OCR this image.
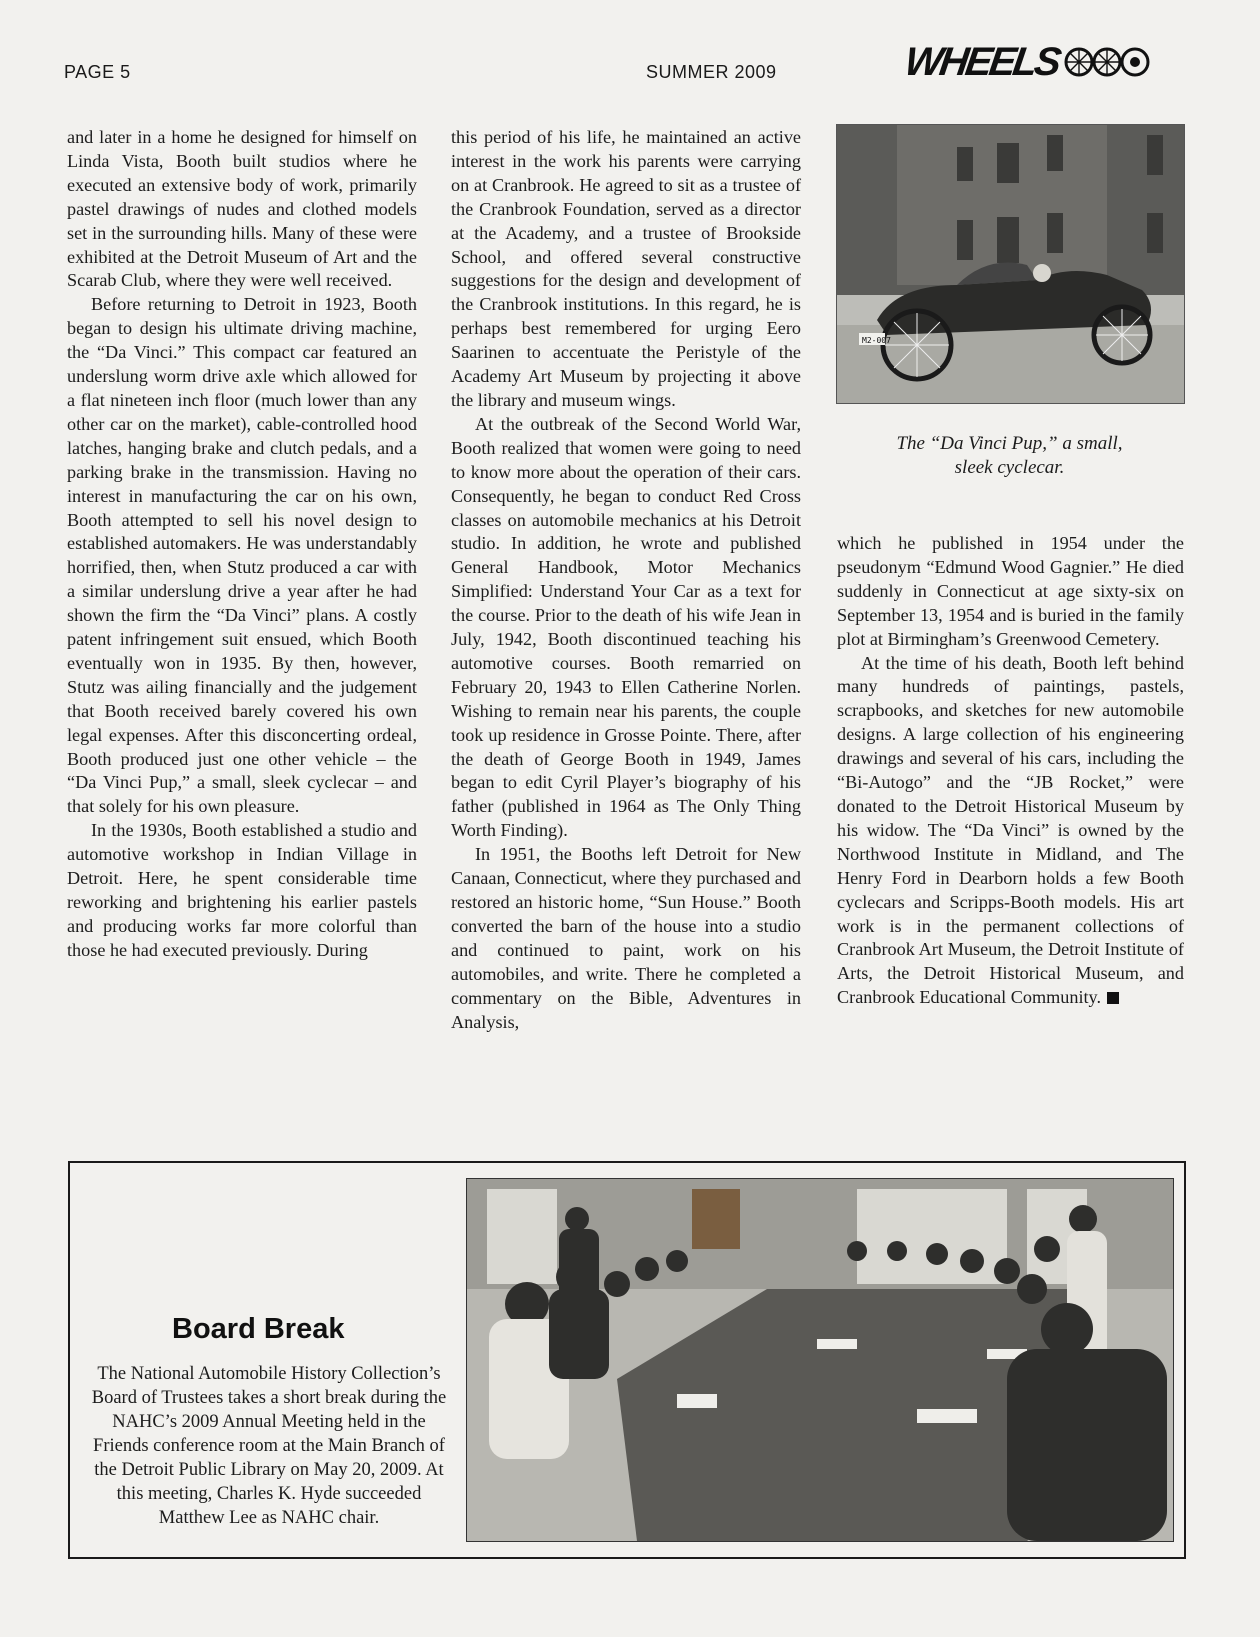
PAGE 5	SUMMER 2009	WHEELS

and later in a home he designed for himself on Linda Vista, Booth built studios where he executed an extensive body of work, primarily pastel drawings of nudes and clothed models set in the surrounding hills. Many of these were exhibited at the Detroit Museum of Art and the Scarab Club, where they were well received.

Before returning to Detroit in 1923, Booth began to design his ultimate driving machine, the “Da Vinci.” This compact car featured an underslung worm drive axle which allowed for a flat nineteen inch floor (much lower than any other car on the market), cable-controlled hood latches, hanging brake and clutch pedals, and a parking brake in the transmission. Having no interest in manufacturing the car on his own, Booth attempted to sell his novel design to established automakers. He was understandably horrified, then, when Stutz produced a car with a similar underslung drive a year after he had shown the firm the “Da Vinci” plans. A costly patent infringement suit ensued, which Booth eventually won in 1935. By then, however, Stutz was ailing financially and the judgement that Booth received barely covered his own legal expenses. After this disconcerting ordeal, Booth produced just one other vehicle – the “Da Vinci Pup,” a small, sleek cyclecar – and that solely for his own pleasure.

In the 1930s, Booth established a studio and automotive workshop in Indian Village in Detroit. Here, he spent considerable time reworking and brightening his earlier pastels and producing works far more colorful than those he had executed previously. During

this period of his life, he maintained an active interest in the work his parents were carrying on at Cranbrook. He agreed to sit as a trustee of the Cranbrook Foundation, served as a director at the Academy, and a trustee of Brookside School, and offered several constructive suggestions for the design and development of the Cranbrook institutions. In this regard, he is perhaps best remembered for urging Eero Saarinen to accentuate the Peristyle of the Academy Art Museum by projecting it above the library and museum wings.

At the outbreak of the Second World War, Booth realized that women were going to need to know more about the operation of their cars. Consequently, he began to conduct Red Cross classes on automobile mechanics at his Detroit studio. In addition, he wrote and published General Handbook, Motor Mechanics Simplified: Understand Your Car as a text for the course. Prior to the death of his wife Jean in July, 1942, Booth discontinued teaching his automotive courses. Booth remarried on February 20, 1943 to Ellen Catherine Norlen. Wishing to remain near his parents, the couple took up residence in Grosse Pointe. There, after the death of George Booth in 1949, James began to edit Cyril Player’s biography of his father (published in 1964 as The Only Thing Worth Finding).

In 1951, the Booths left Detroit for New Canaan, Connecticut, where they purchased and restored an historic home, “Sun House.” Booth converted the barn of the house into a studio and continued to paint, work on his automobiles, and write. There he completed a commentary on the Bible, Adventures in Analysis,

M2-007
The “Da Vinci Pup,” a small,
sleek cyclecar.

which he published in 1954 under the pseudonym “Edmund Wood Gagnier.” He died suddenly in Connecticut at age sixty-six on September 13, 1954 and is buried in the family plot at Birmingham’s Greenwood Cemetery.

At the time of his death, Booth left behind many hundreds of paintings, pastels, scrapbooks, and sketches for new automobile designs. A large collection of his engineering drawings and several of his cars, including the “Bi-Autogo” and the “JB Rocket,” were donated to the Detroit Historical Museum by his widow. The “Da Vinci” is owned by the Northwood Institute in Midland, and The Henry Ford in Dearborn holds a few Booth cyclecars and Scripps-Booth models. His art work is in the permanent collections of Cranbrook Art Museum, the Detroit Institute of Arts, the Detroit Historical Museum, and Cranbrook Educational Community.

Board Break
The National Automobile History Collection’s Board of Trustees takes a short break during the NAHC’s 2009 Annual Meeting held in the Friends conference room at the Main Branch of the Detroit Public Library on May 20, 2009. At this meeting, Charles K. Hyde succeeded Matthew Lee as NAHC chair.
